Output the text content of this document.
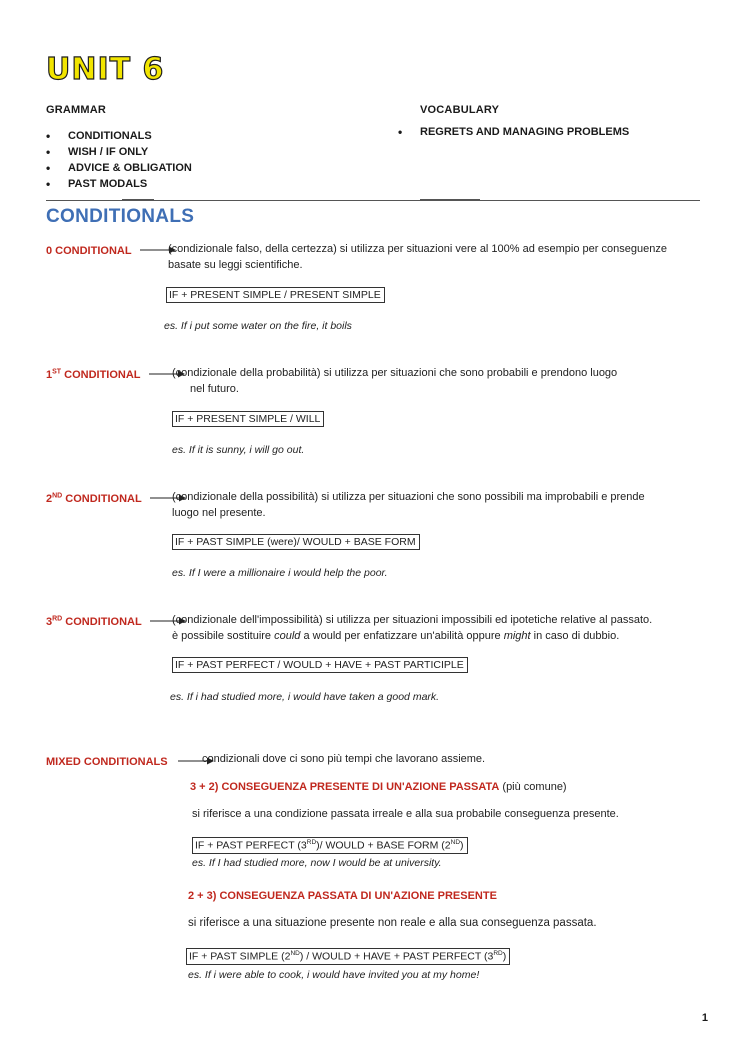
UNIT 6
GRAMMAR
• CONDITIONALS
• WISH / IF ONLY
• ADVICE & OBLIGATION
• PAST MODALS
VOCABULARY
• REGRETS AND MANAGING PROBLEMS
CONDITIONALS
0 CONDITIONAL	(condizionale falso, della certezza) si utilizza per situazioni vere al 100% ad esempio per conseguenze
basate su leggi scientifiche.
IF + PRESENT SIMPLE / PRESENT SIMPLE
es. If i put some water on the fire, it boils
1ST CONDITIONAL	(condizionale della probabilità) si utilizza per situazioni che sono probabili e prendono luogo
nel futuro.
IF + PRESENT SIMPLE / WILL
es. If it is sunny, i will go out.
2ND CONDITIONAL	(condizionale della possibilità) si utilizza per situazioni che sono possibili ma improbabili e prende
luogo nel presente.
IF + PAST SIMPLE (were)/ WOULD + BASE FORM
es. If I were a millionaire i would help the poor.
3RD CONDITIONAL	(condizionale dell'impossibilità) si utilizza per situazioni impossibili ed ipotetiche relative al passato.
è possibile sostituire could a would per enfatizzare un'abilità oppure might in caso di dubbio.
IF + PAST PERFECT / WOULD + HAVE + PAST PARTICIPLE
es. If i had studied more, i would have taken a good mark.
MIXED CONDITIONALS	condizionali dove ci sono più tempi che lavorano assieme.
3 + 2) CONSEGUENZA PRESENTE DI UN'AZIONE PASSATA (più comune)
si riferisce a una condizione passata irreale e alla sua probabile conseguenza presente.
IF + PAST PERFECT (3RD)/ WOULD + BASE FORM (2ND)
es. If I had studied more, now I would be at university.
2 + 3) CONSEGUENZA PASSATA DI UN'AZIONE PRESENTE
si riferisce a una situazione presente non reale e alla sua conseguenza passata.
IF + PAST SIMPLE (2ND) / WOULD + HAVE + PAST PERFECT (3RD)
es. If i were able to cook, i would have invited you at my home!
1
